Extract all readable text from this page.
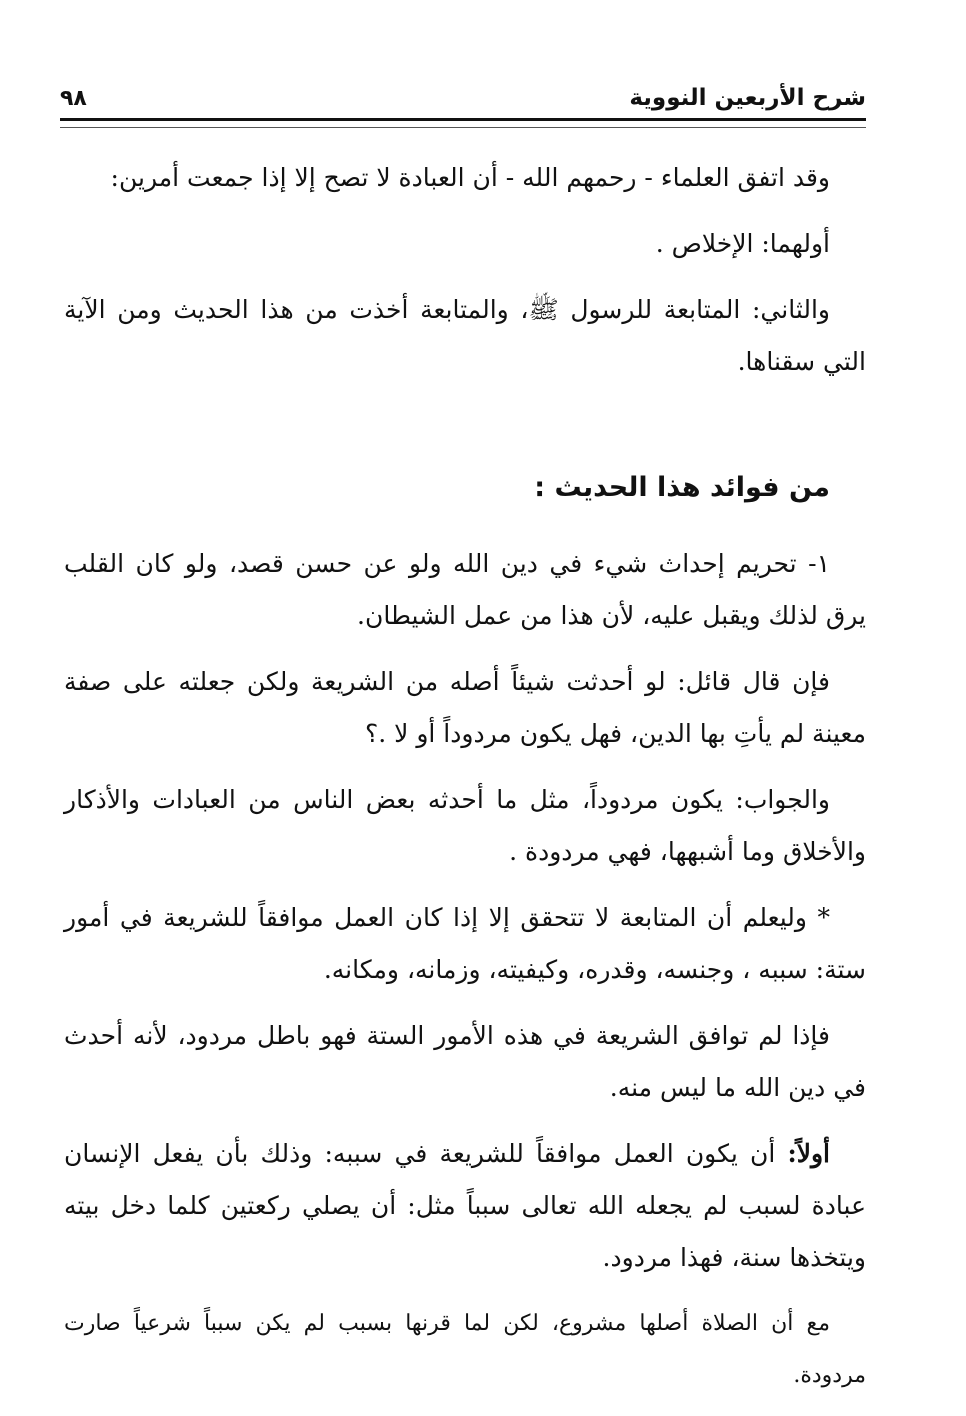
شرح الأربعين النووية
٩٨

وقد اتفق العلماء - رحمهم الله - أن العبادة لا تصح إلا إذا جمعت أمرين:

أولهما: الإخلاص .

والثاني: المتابعة للرسول ﷺ، والمتابعة أخذت من هذا الحديث ومن الآية التي سقناها.

من فوائد هذا الحديث :

١- تحريم إحداث شيء في دين الله ولو عن حسن قصد، ولو كان القلب يرق لذلك ويقبل عليه، لأن هذا من عمل الشيطان.

فإن قال قائل: لو أحدثت شيئاً أصله من الشريعة ولكن جعلته على صفة معينة لم يأتِ بها الدين، فهل يكون مردوداً أو لا .؟

والجواب: يكون مردوداً، مثل ما أحدثه بعض الناس من العبادات والأذكار والأخلاق وما أشبهها، فهي مردودة .

* وليعلم أن المتابعة لا تتحقق إلا إذا كان العمل موافقاً للشريعة في أمور ستة: سببه ، وجنسه، وقدره، وكيفيته، وزمانه، ومكانه.

فإذا لم توافق الشريعة في هذه الأمور الستة فهو باطل مردود، لأنه أحدث في دين الله ما ليس منه.

أولاً: أن يكون العمل موافقاً للشريعة في سببه: وذلك بأن يفعل الإنسان عبادة لسبب لم يجعله الله تعالى سبباً مثل: أن يصلي ركعتين كلما دخل بيته ويتخذها سنة، فهذا مردود.

مع أن الصلاة أصلها مشروع، لكن لما قرنها بسبب لم يكن سبباً شرعياً صارت مردودة.
